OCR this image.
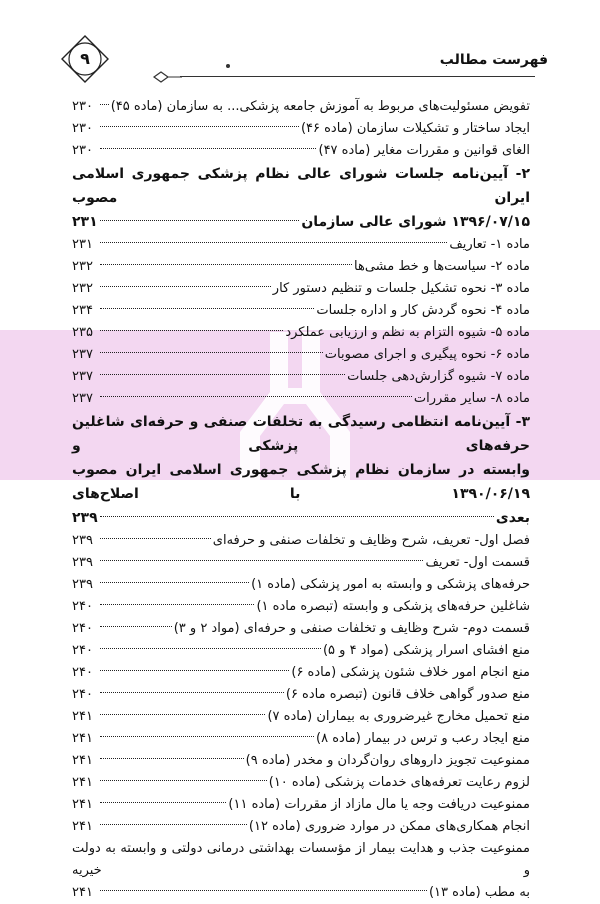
۹	فهرست مطالب
تفویض مسئولیت‌های مربوط به آموزش جامعه پزشکی... به سازمان (ماده ۴۵)
۲۳۰
ایجاد ساختار و تشکیلات سازمان (ماده ۴۶)
۲۳۰
الغای قوانین و مقررات مغایر (ماده ۴۷)
۲۳۰
۲- آیین‌نامه جلسات شورای عالی نظام پزشکی جمهوری اسلامی ایران مصوب
۱۳۹۶/۰۷/۱۵ شورای عالی سازمان
۲۳۱
ماده ۱- تعاریف
۲۳۱
ماده ۲- سیاست‌ها و خط مشی‌ها
۲۳۲
ماده ۳- نحوه تشکیل جلسات و تنظیم دستور کار
۲۳۲
ماده ۴- نحوه گردش کار و اداره جلسات
۲۳۴
ماده ۵- شیوه التزام به نظم و ارزیابی عملکرد
۲۳۵
ماده ۶- نحوه پیگیری و اجرای مصوبات
۲۳۷
ماده ۷- شیوه گزارش‌دهی جلسات
۲۳۷
ماده ۸- سایر مقررات
۲۳۷
۳- آیین‌نامه انتظامی رسیدگی به تخلفات صنفی و حرفه‌ای شاغلین حرفه‌های پزشکی و
وابسته در سازمان نظام پزشکی جمهوری اسلامی ایران مصوب ۱۳۹۰/۰۶/۱۹ با اصلاح‌های
بعدی
۲۳۹
فصل اول- تعریف، شرح وظایف و تخلفات صنفی و حرفه‌ای
۲۳۹
قسمت اول- تعریف
۲۳۹
حرفه‌های پزشکی و وابسته به امور پزشکی (ماده ۱)
۲۳۹
شاغلین حرفه‌های پزشکی و وابسته (تبصره ماده ۱)
۲۴۰
قسمت دوم- شرح وظایف و تخلفات صنفی و حرفه‌ای (مواد ۲ و ۳)
۲۴۰
منع افشای اسرار پزشکی (مواد ۴ و ۵)
۲۴۰
منع انجام امور خلاف شئون پزشکی (ماده ۶)
۲۴۰
منع صدور گواهی خلاف قانون (تبصره ماده ۶)
۲۴۰
منع تحمیل مخارج غیرضروری به بیماران (ماده ۷)
۲۴۱
منع ایجاد رعب و ترس در بیمار (ماده ۸)
۲۴۱
ممنوعیت تجویز داروهای روان‌گردان و مخدر (ماده ۹)
۲۴۱
لزوم رعایت تعرفه‌های خدمات پزشکی (ماده ۱۰)
۲۴۱
ممنوعیت دریافت وجه یا مال مازاد از مقررات (ماده ۱۱)
۲۴۱
انجام همکاری‌های ممکن در موارد ضروری (ماده ۱۲)
۲۴۱
ممنوعیت جذب و هدایت بیمار از مؤسسات بهداشتی درمانی دولتی و وابسته به دولت و خیریه
به مطب (ماده ۱۳)
۲۴۱
